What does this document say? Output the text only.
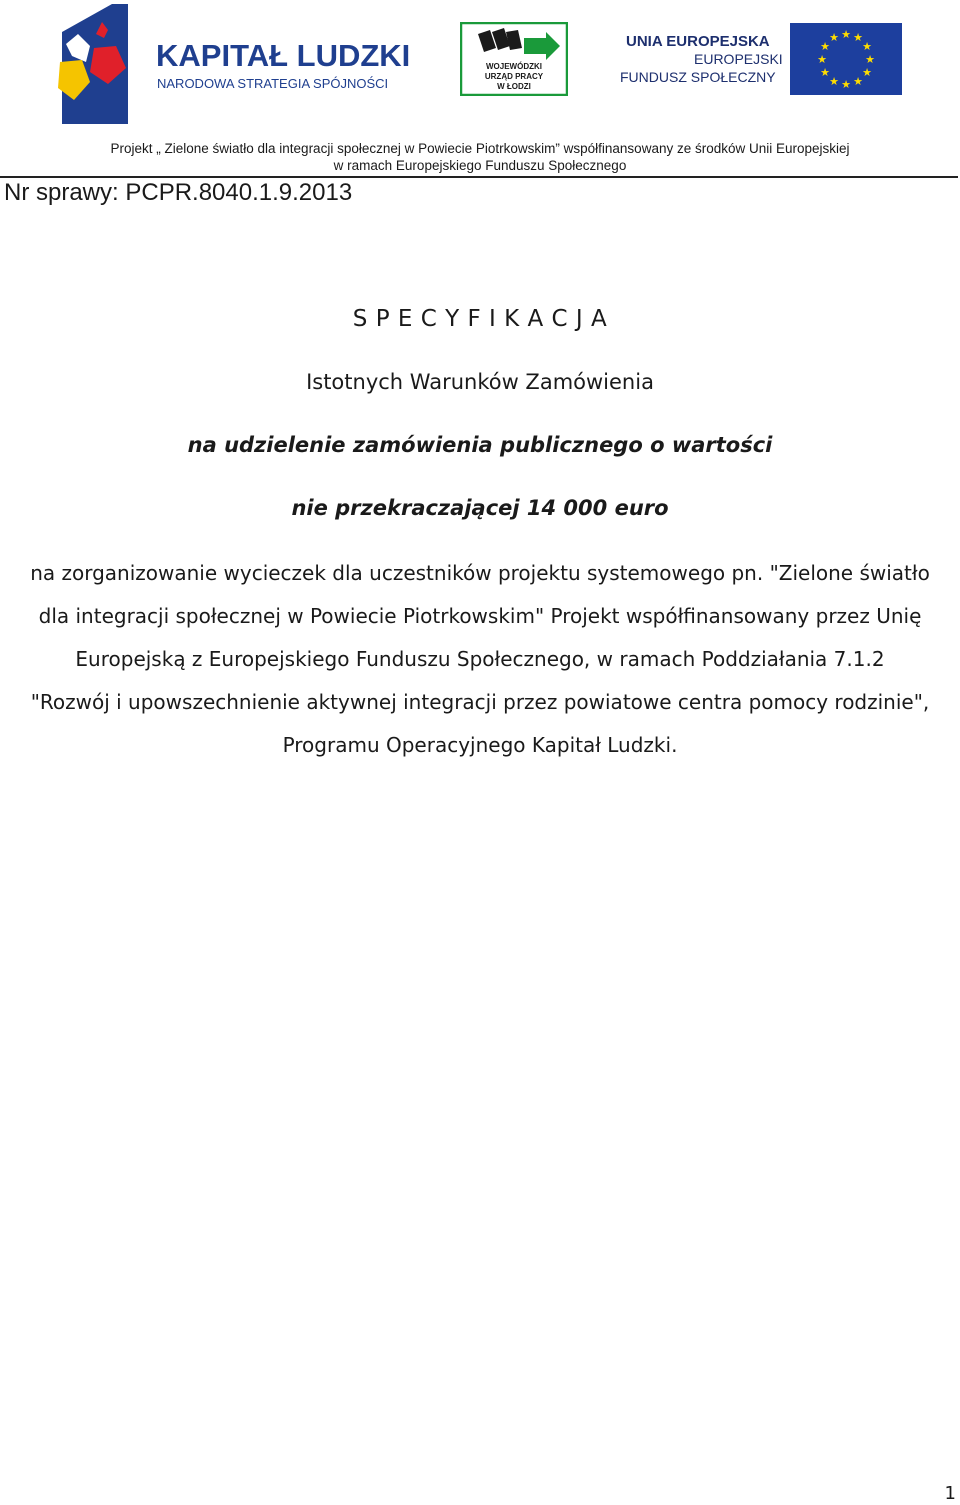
KAPITAŁ LUDZKI
NARODOWA STRATEGIA SPÓJNOŚCI
WOJEWÓDZKI
URZĄD PRACY
W ŁODZI
UNIA EUROPEJSKA
EUROPEJSKI
FUNDUSZ SPOŁECZNY
★ ★
★
★
★
★
★
★
★
★
★
★
Projekt „ Zielone światło dla integracji społecznej w Powiecie Piotrkowskim” współfinansowany ze środków Unii Europejskiej
w ramach Europejskiego Funduszu Społecznego
Nr sprawy: PCPR.8040.1.9.2013
S P E C Y F I K A C J A
Istotnych Warunków Zamówienia
na udzielenie zamówienia publicznego o wartości
nie przekraczającej 14 000 euro
na zorganizowanie wycieczek dla uczestników projektu systemowego pn. "Zielone światło
dla integracji społecznej w Powiecie Piotrkowskim" Projekt współfinansowany przez Unię
Europejską z Europejskiego Funduszu Społecznego, w ramach Poddziałania 7.1.2
"Rozwój i upowszechnienie aktywnej integracji przez powiatowe centra pomocy rodzinie",
Programu Operacyjnego Kapitał Ludzki.
1
